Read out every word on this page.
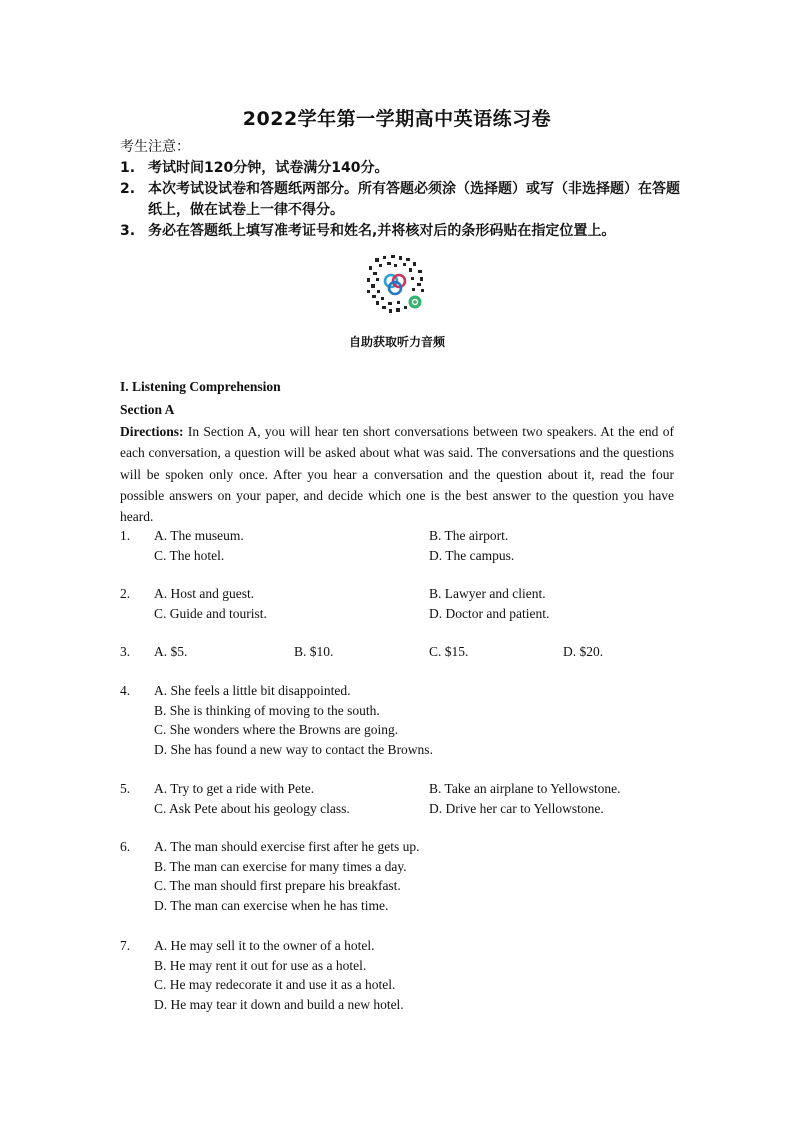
2022学年第一学期高中英语练习卷
考生注意：
1. 考试时间120分钟，试卷满分140分。
2. 本次考试设试卷和答题纸两部分。所有答题必须涂（选择题）或写（非选择题）在答题纸上，做在试卷上一律不得分。
3. 务必在答题纸上填写准考证号和姓名,并将核对后的条形码贴在指定位置上。
自助获取听力音频
I. Listening Comprehension
Section A
Directions: In Section A, you will hear ten short conversations between two speakers. At the end of each conversation, a question will be asked about what was said. The conversations and the questions will be spoken only once. After you hear a conversation and the question about it, read the four possible answers on your paper, and decide which one is the best answer to the question you have heard.
1. A. The museum.	B. The airport.
C. The hotel.	D. The campus.
2. A. Host and guest.	B. Lawyer and client.
C. Guide and tourist.	D. Doctor and patient.
3. A. $5.	B. $10.	C. $15.	D. $20.
4. A. She feels a little bit disappointed.
B. She is thinking of moving to the south.
C. She wonders where the Browns are going.
D. She has found a new way to contact the Browns.
5. A. Try to get a ride with Pete.	B. Take an airplane to Yellowstone.
C. Ask Pete about his geology class.	D. Drive her car to Yellowstone.
6. A. The man should exercise first after he gets up.
B. The man can exercise for many times a day.
C. The man should first prepare his breakfast.
D. The man can exercise when he has time.
7. A. He may sell it to the owner of a hotel.
B. He may rent it out for use as a hotel.
C. He may redecorate it and use it as a hotel.
D. He may tear it down and build a new hotel.
